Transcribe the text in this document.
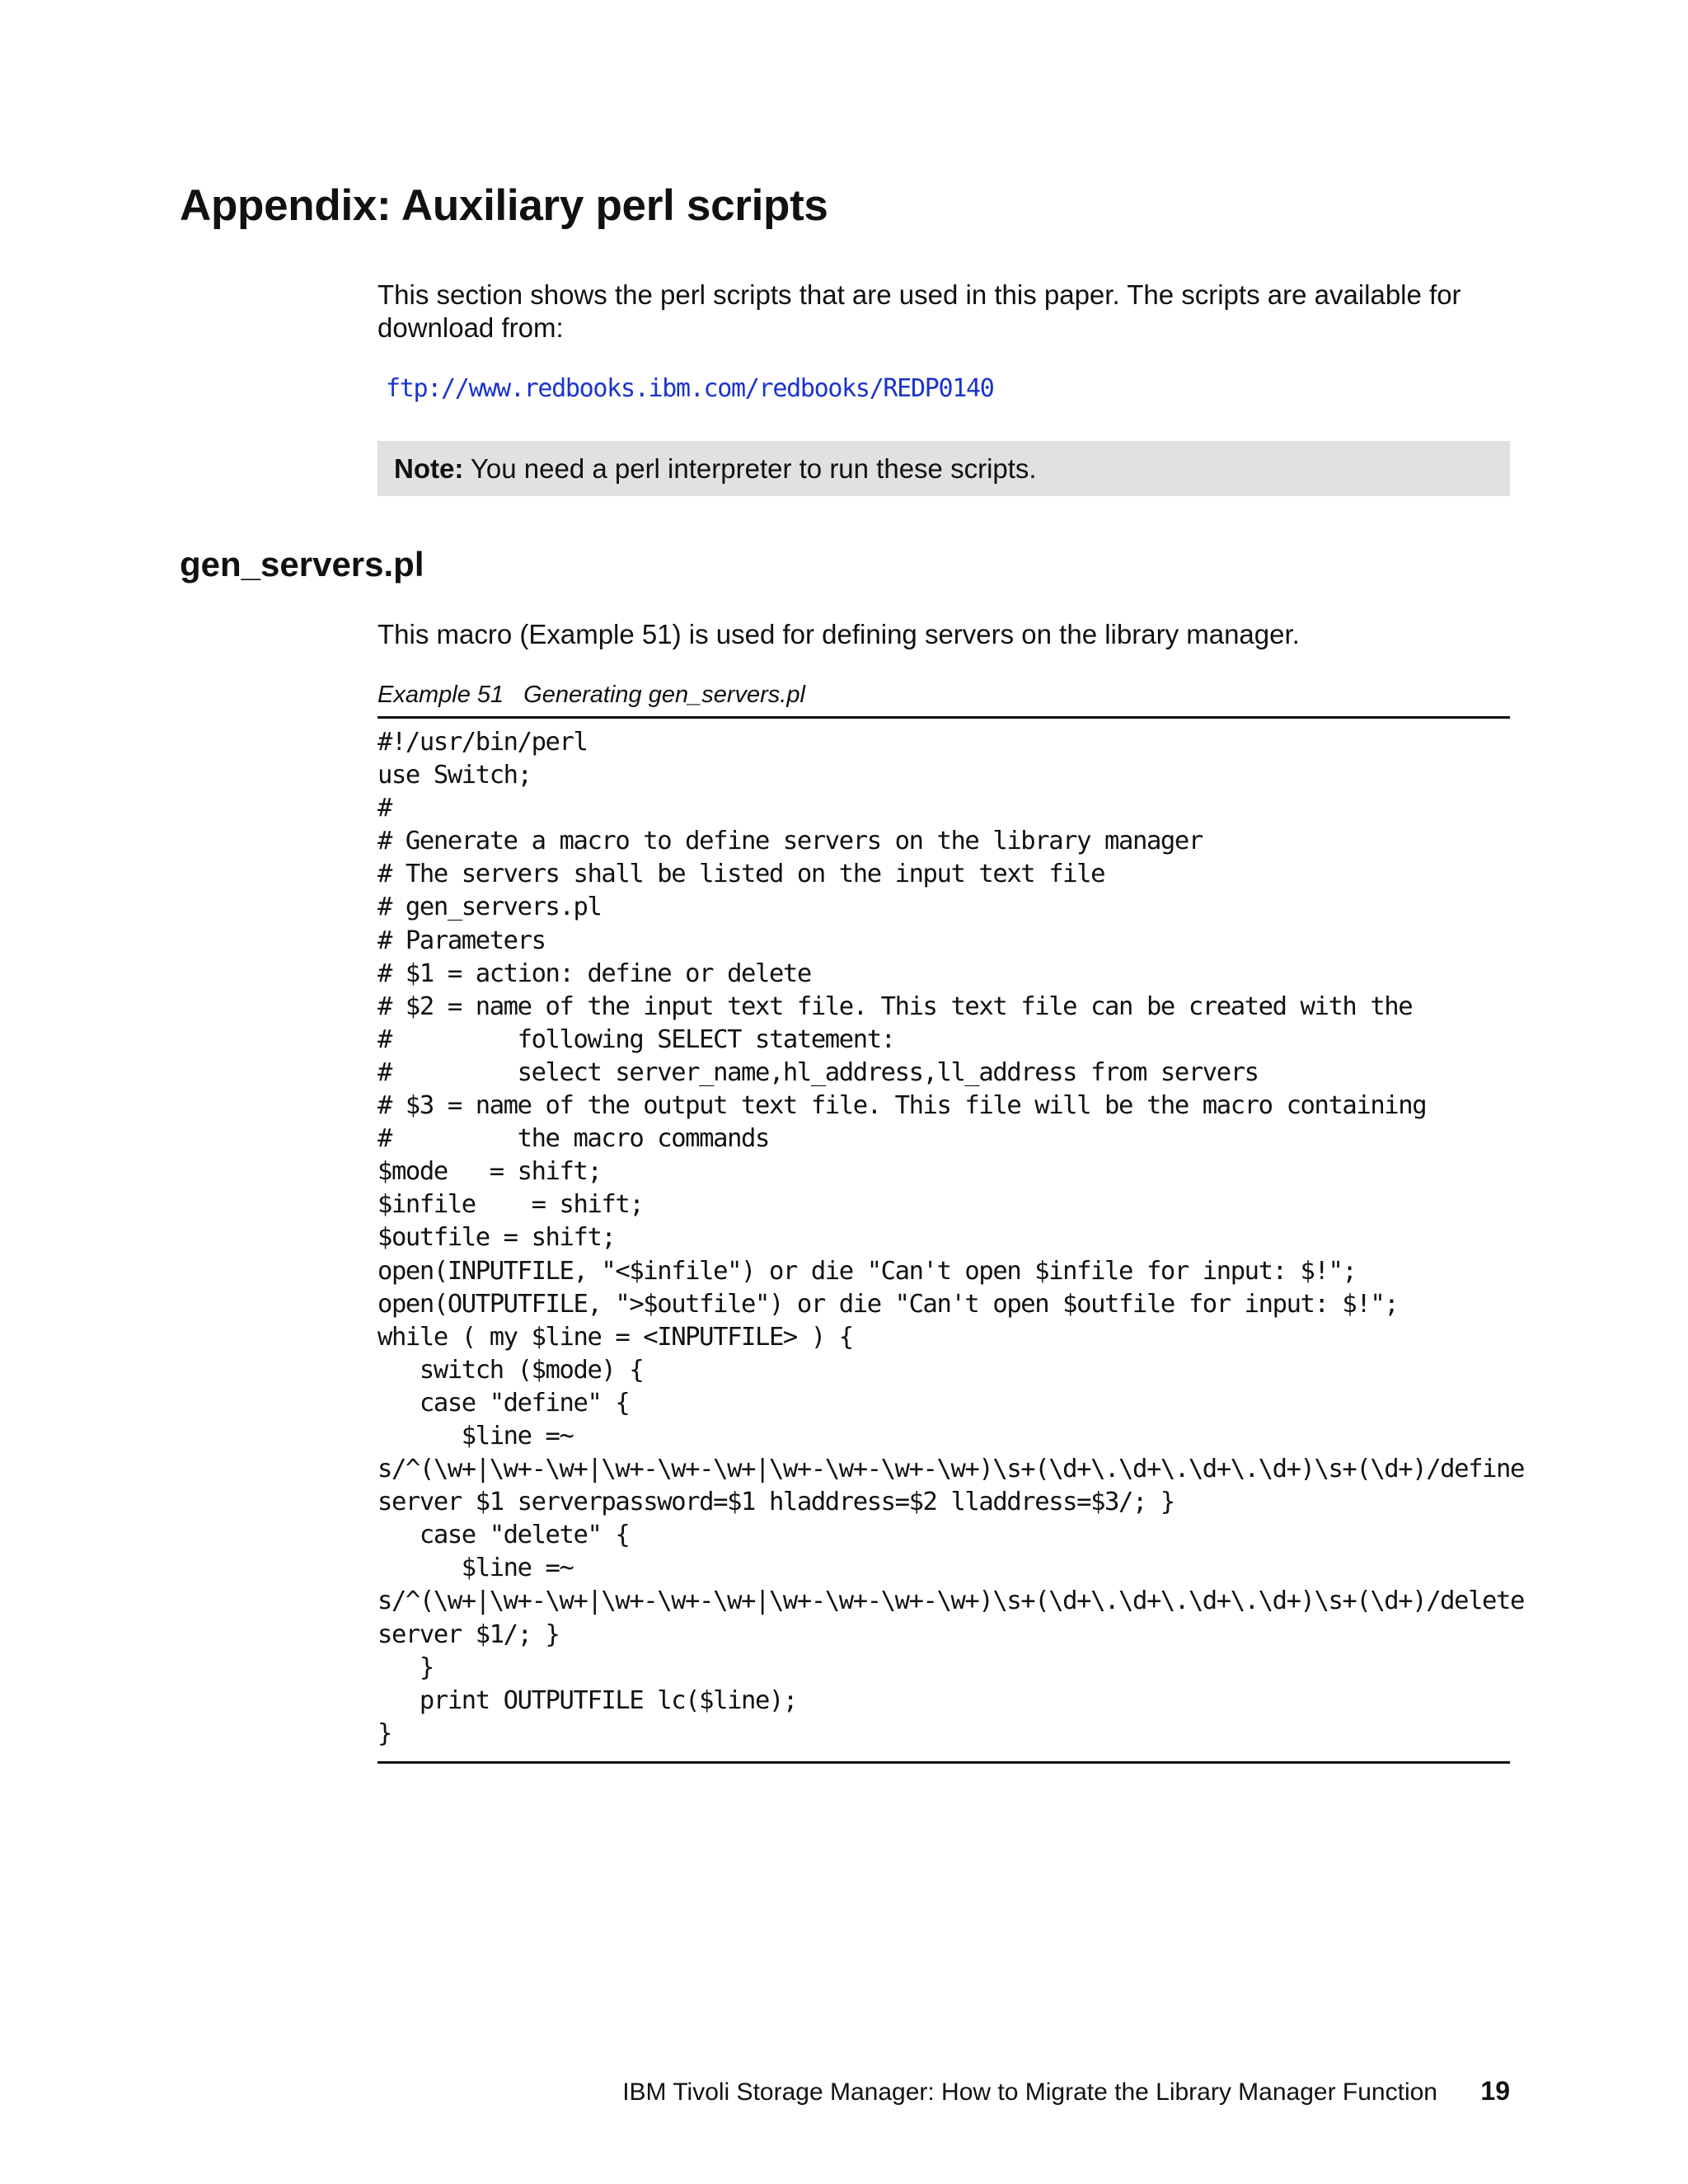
Appendix: Auxiliary perl scripts

This section shows the perl scripts that are used in this paper. The scripts are available for download from:

ftp://www.redbooks.ibm.com/redbooks/REDP0140
Note: You need a perl interpreter to run these scripts.
gen_servers.pl

This macro (Example 51) is used for defining servers on the library manager.

Example 51 Generating gen_servers.pl
#!/usr/bin/perl
use Switch;
#
# Generate a macro to define servers on the library manager
# The servers shall be listed on the input text file
# gen_servers.pl
# Parameters
# $1 = action: define or delete
# $2 = name of the input text file. This text file can be created with the
#         following SELECT statement:
#         select server_name,hl_address,ll_address from servers
# $3 = name of the output text file. This file will be the macro containing
#         the macro commands
$mode   = shift;
$infile    = shift;
$outfile = shift;
open(INPUTFILE, "<$infile") or die "Can't open $infile for input: $!";
open(OUTPUTFILE, ">$outfile") or die "Can't open $outfile for input: $!";
while ( my $line = <INPUTFILE> ) {
switch ($mode) {
case "define" {
$line =~
s/^(\w+|\w+-\w+|\w+-\w+-\w+|\w+-\w+-\w+-\w+)\s+(\d+\.\d+\.\d+\.\d+)\s+(\d+)/define
server $1 serverpassword=$1 hladdress=$2 lladdress=$3/; }
case "delete" {
$line =~
s/^(\w+|\w+-\w+|\w+-\w+-\w+|\w+-\w+-\w+-\w+)\s+(\d+\.\d+\.\d+\.\d+)\s+(\d+)/delete
server $1/; }
}
print OUTPUTFILE lc($line);
}
IBM Tivoli Storage Manager: How to Migrate the Library Manager Function 19
